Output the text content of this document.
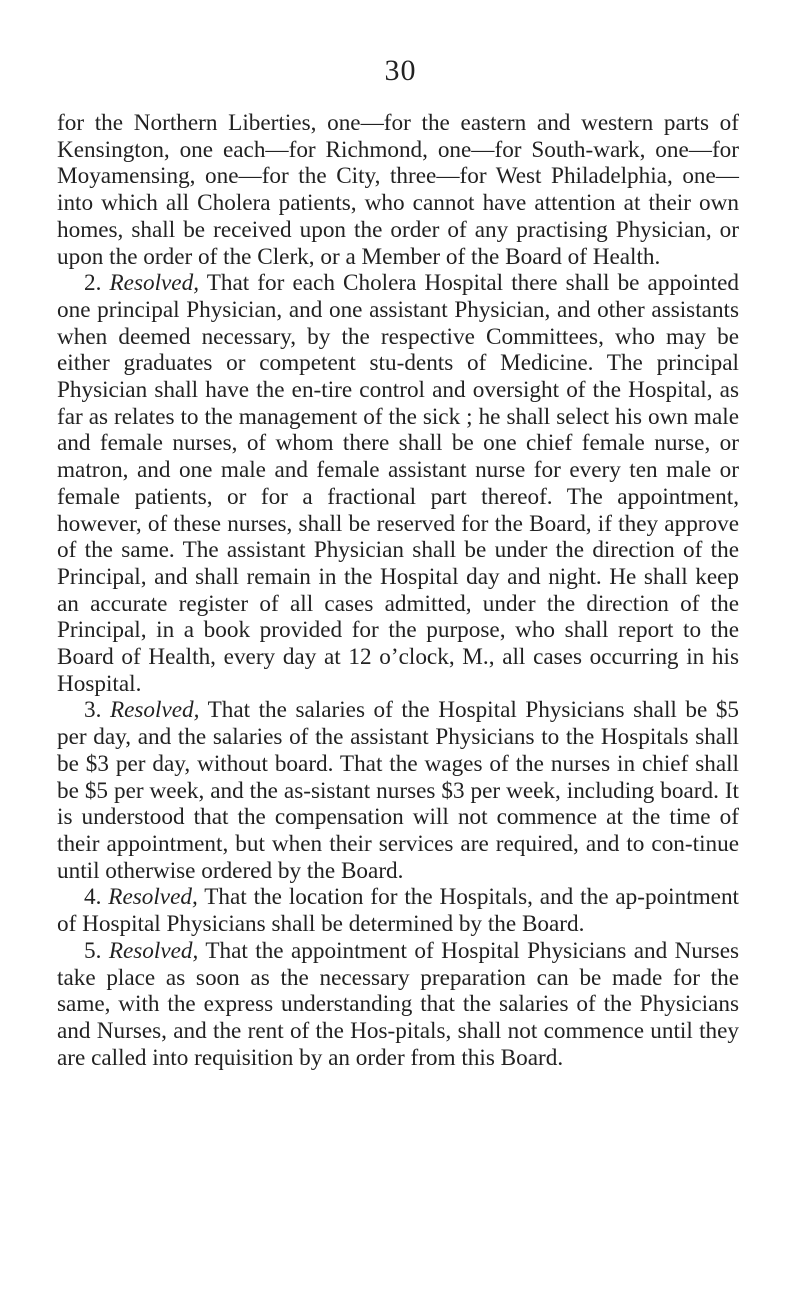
30

for the Northern Liberties, one—for the eastern and western parts of Kensington, one each—for Richmond, one—for South-wark, one—for Moyamensing, one—for the City, three—for West Philadelphia, one—into which all Cholera patients, who cannot have attention at their own homes, shall be received upon the order of any practising Physician, or upon the order of the Clerk, or a Member of the Board of Health.

2. Resolved, That for each Cholera Hospital there shall be appointed one principal Physician, and one assistant Physician, and other assistants when deemed necessary, by the respective Committees, who may be either graduates or competent stu-dents of Medicine. The principal Physician shall have the en-tire control and oversight of the Hospital, as far as relates to the management of the sick ; he shall select his own male and female nurses, of whom there shall be one chief female nurse, or matron, and one male and female assistant nurse for every ten male or female patients, or for a fractional part thereof. The appointment, however, of these nurses, shall be reserved for the Board, if they approve of the same. The assistant Physician shall be under the direction of the Principal, and shall remain in the Hospital day and night. He shall keep an accurate register of all cases admitted, under the direction of the Principal, in a book provided for the purpose, who shall report to the Board of Health, every day at 12 o’clock, M., all cases occurring in his Hospital.

3. Resolved, That the salaries of the Hospital Physicians shall be $5 per day, and the salaries of the assistant Physicians to the Hospitals shall be $3 per day, without board. That the wages of the nurses in chief shall be $5 per week, and the as-sistant nurses $3 per week, including board. It is understood that the compensation will not commence at the time of their appointment, but when their services are required, and to con-tinue until otherwise ordered by the Board.

4. Resolved, That the location for the Hospitals, and the ap-pointment of Hospital Physicians shall be determined by the Board.

5. Resolved, That the appointment of Hospital Physicians and Nurses take place as soon as the necessary preparation can be made for the same, with the express understanding that the salaries of the Physicians and Nurses, and the rent of the Hos-pitals, shall not commence until they are called into requisition by an order from this Board.
